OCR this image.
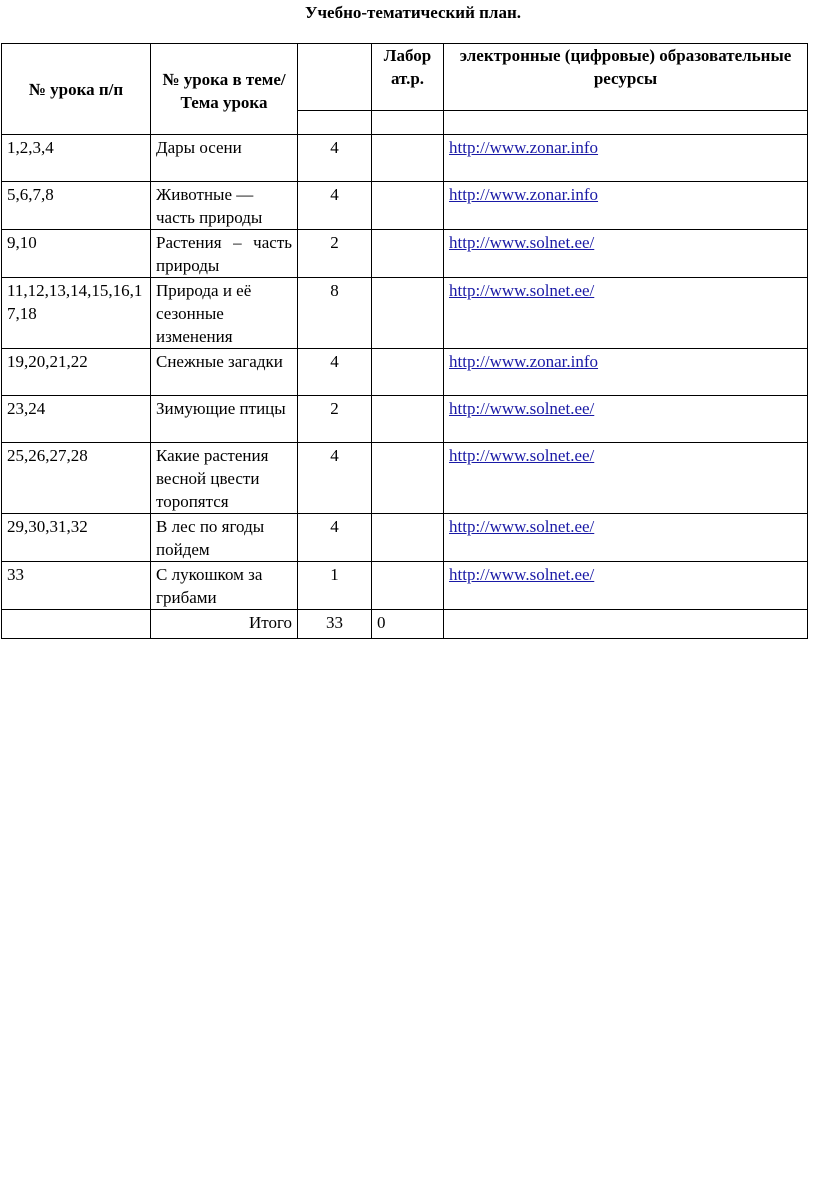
Учебно-тематический план.
№ урока п/п	№ урока в теме/Тема урока		Лабор ат.р.	электронные (цифровые) образовательные ресурсы

1,2,3,4	Дары осени	4		http://www.zonar.info
5,6,7,8	Животные — часть природы	4		http://www.zonar.info
9,10	Растения – часть природы	2		http://www.solnet.ee/
11,12,13,14,15,16,17,18	Природа и её сезонные изменения	8		http://www.solnet.ee/
19,20,21,22	Снежные загадки	4		http://www.zonar.info
23,24	Зимующие птицы	2		http://www.solnet.ee/
25,26,27,28	Какие растения весной цвести торопятся	4		http://www.solnet.ee/
29,30,31,32	В лес по ягоды пойдем	4		http://www.solnet.ee/
33	С лукошком за грибами	1		http://www.solnet.ee/
	Итого	33	0	
